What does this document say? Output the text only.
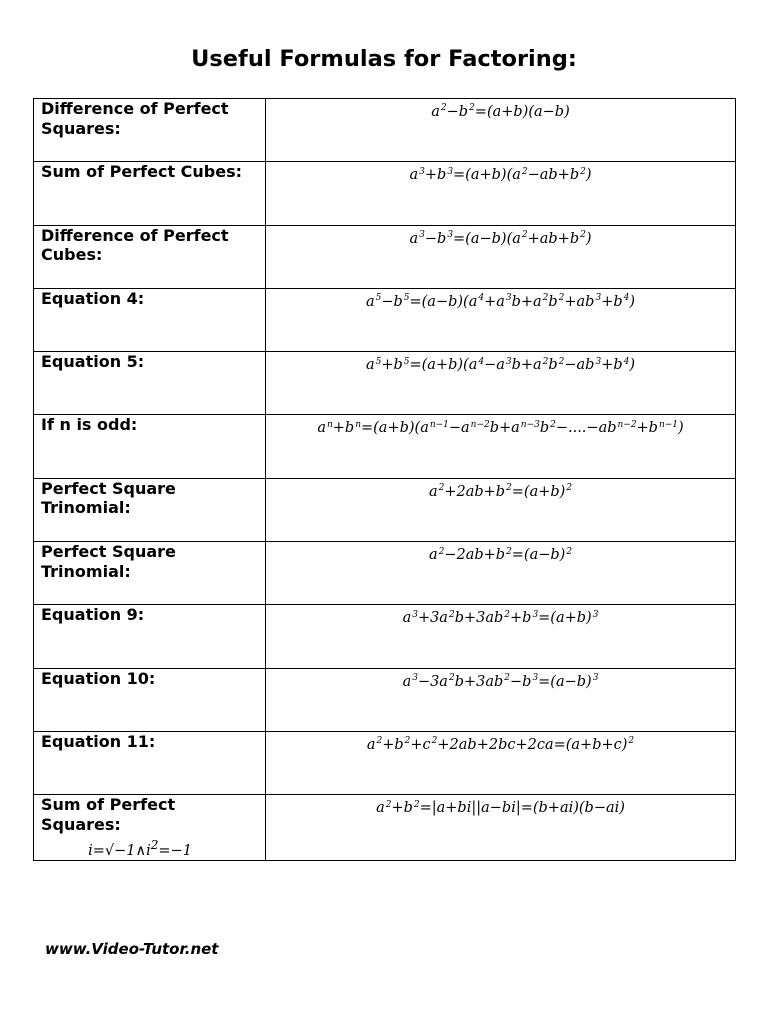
Useful Formulas for Factoring:
Difference of Perfect Squares:	$a^2-b^2=(a+b)(a-b)$

Sum of Perfect Cubes:	$a^3+b^3=(a+b)(a^2-ab+b^2)$

Difference of Perfect Cubes:	$a^3-b^3=(a-b)(a^2+ab+b^2)$

Equation 4:	$a^5-b^5=(a-b)(a^4+a^3b+a^2b^2+ab^3+b^4)$

Equation 5:	$a^5+b^5=(a+b)(a^4-a^3b+a^2b^2-ab^3+b^4)$

If n is odd:	$a^n+b^n=(a+b)(a^{n-1}-a^{n-2}b+a^{n-3}b^2-....-ab^{n-2}+b^{n-1})$

Perfect Square Trinomial:	$a^2+2ab+b^2=(a+b)^2$

Perfect Square Trinomial:	$a^2-2ab+b^2=(a-b)^2$

Equation 9:	$a^3+3a^2b+3ab^2+b^3=(a+b)^3$

Equation 10:	$a^3-3a^2b+3ab^2-b^3=(a-b)^3$

Equation 11:	$a^2+b^2+c^2+2ab+2bc+2ca=(a+b+c)^2$

Sum of Perfect Squares:
$i=√-1\wedge i^2=-1$	$a^2+b^2=|a+bi||a-bi|=(b+ai)(b-ai)$

www.Video-Tutor.net
